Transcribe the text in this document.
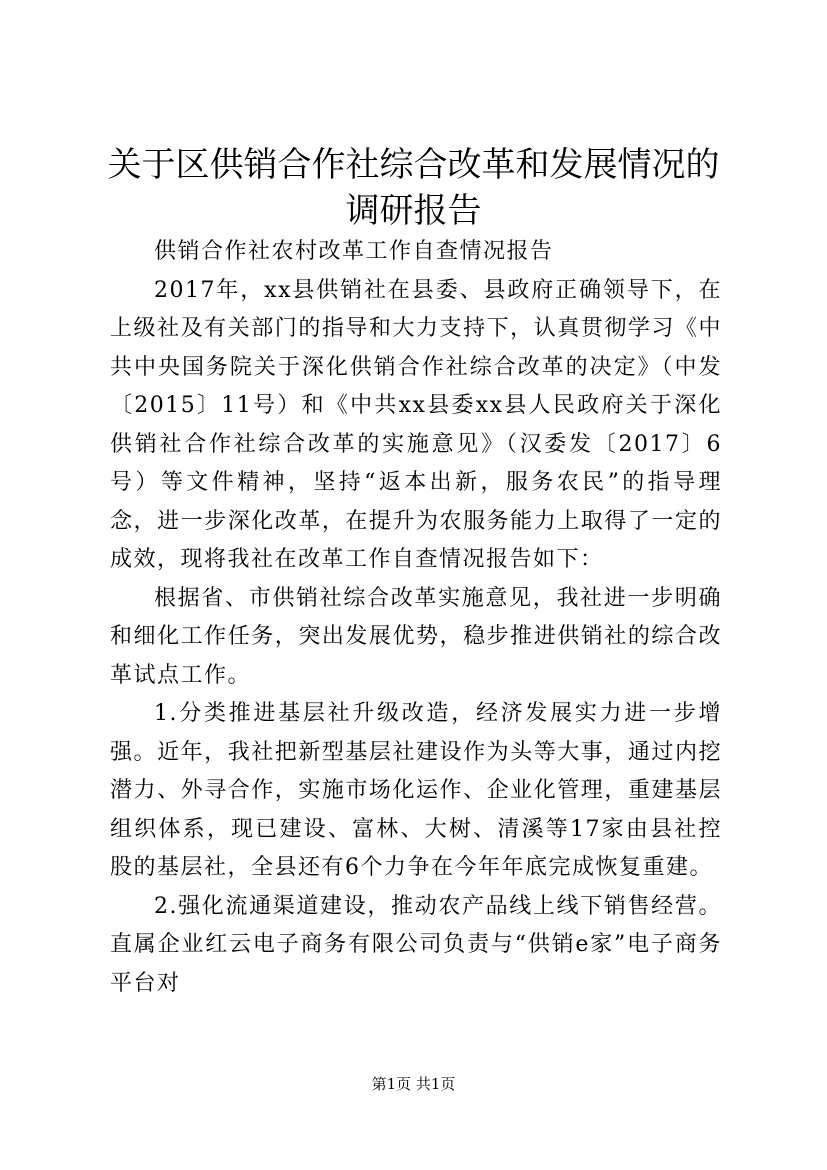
关于区供销合作社综合改革和发展情况的调研报告

供销合作社农村改革工作自查情况报告

2017年，xx县供销社在县委、县政府正确领导下，在上级社及有关部门的指导和大力支持下，认真贯彻学习《中共中央国务院关于深化供销合作社综合改革的决定》（中发〔2015〕11号）和《中共xx县委xx县人民政府关于深化供销社合作社综合改革的实施意见》（汉委发〔2017〕6号）等文件精神，坚持“返本出新，服务农民”的指导理念，进一步深化改革，在提升为农服务能力上取得了一定的成效，现将我社在改革工作自查情况报告如下：

根据省、市供销社综合改革实施意见，我社进一步明确和细化工作任务，突出发展优势，稳步推进供销社的综合改革试点工作。

1.分类推进基层社升级改造，经济发展实力进一步增强。近年，我社把新型基层社建设作为头等大事，通过内挖潜力、外寻合作，实施市场化运作、企业化管理，重建基层组织体系，现已建设、富林、大树、清溪等17家由县社控股的基层社，全县还有6个力争在今年年底完成恢复重建。

2.强化流通渠道建设，推动农产品线上线下销售经营。直属企业红云电子商务有限公司负责与“供销e家”电子商务平台对

第1页 共1页
